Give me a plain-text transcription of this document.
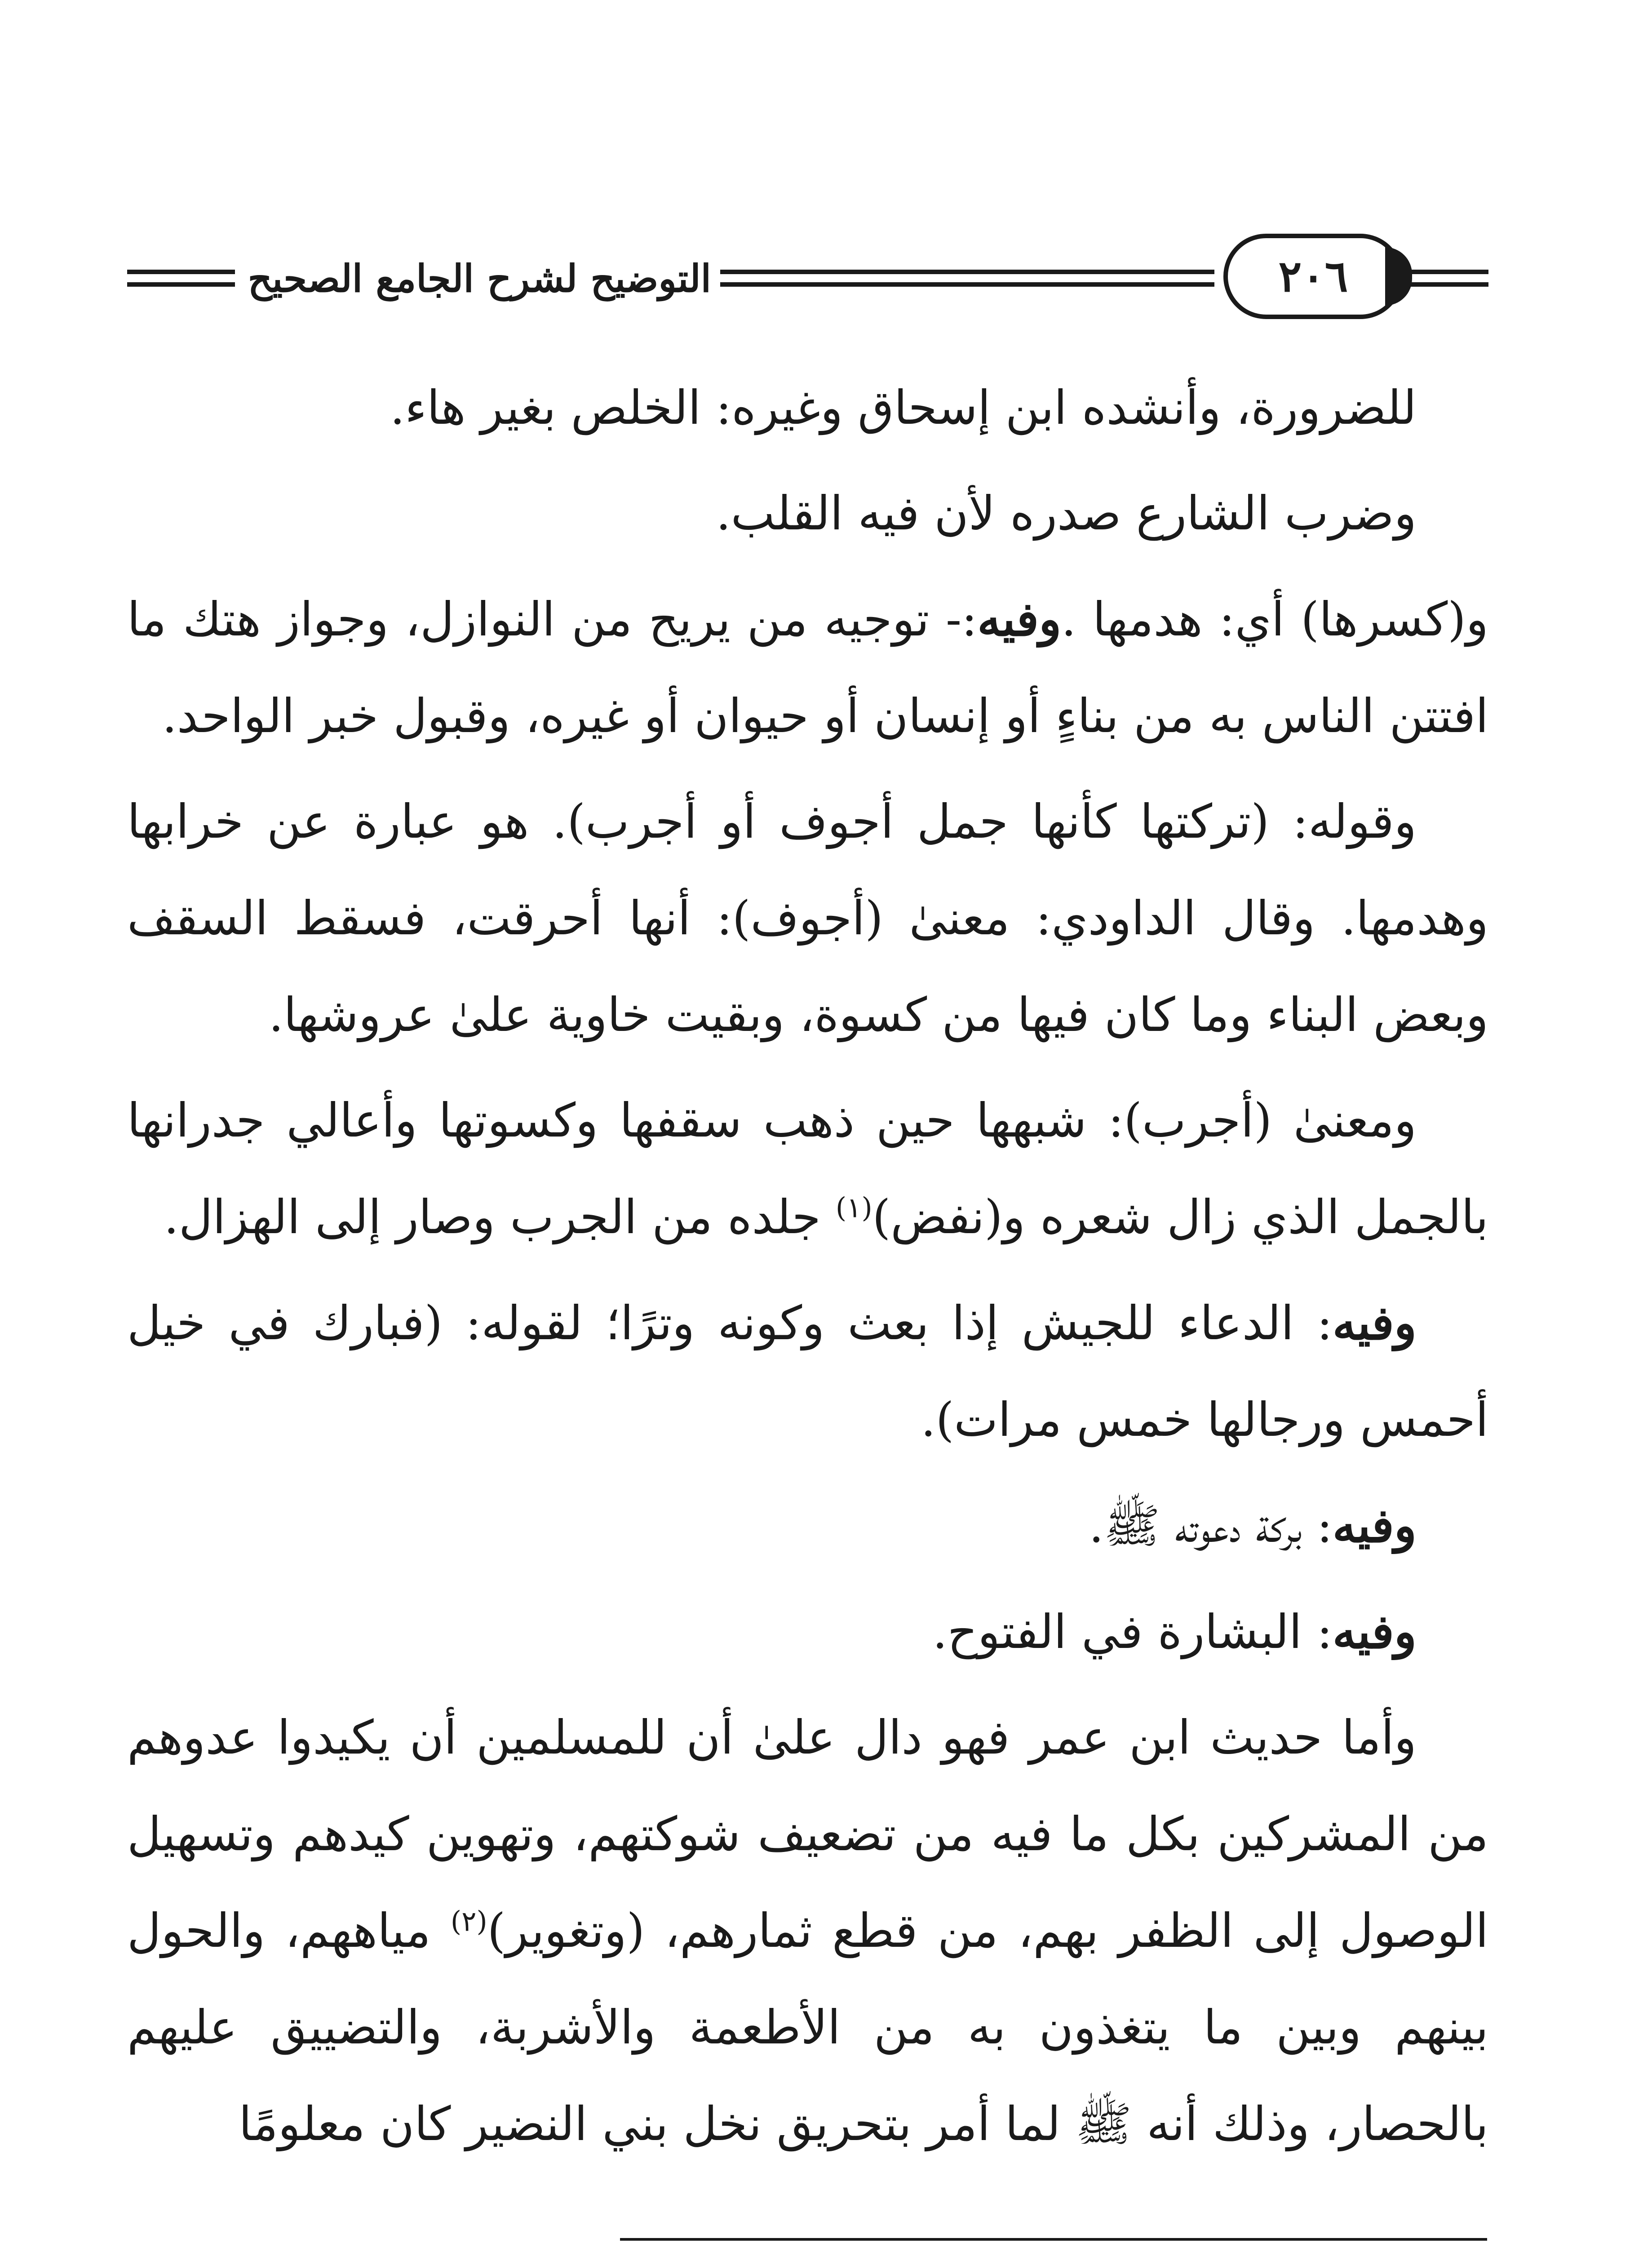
التوضيح لشرح الجامع الصحيح	٢٠٦

للضرورة، وأنشده ابن إسحاق وغيره: الخلص بغير هاء.

وضرب الشارع صدره لأن فيه القلب.

و(كسرها) أي: هدمها .وفيه:- توجيه من يريح من النوازل، وجواز هتك ما افتتن الناس به من بناءٍ أو إنسان أو حيوان أو غيره، وقبول خبر الواحد.

وقوله: (تركتها كأنها جمل أجوف أو أجرب). هو عبارة عن خرابها وهدمها. وقال الداودي: معنىٰ (أجوف): أنها أحرقت، فسقط السقف وبعض البناء وما كان فيها من كسوة، وبقيت خاوية علىٰ عروشها.

ومعنىٰ (أجرب): شبهها حين ذهب سقفها وكسوتها وأعالي جدرانها بالجمل الذي زال شعره و(نفض)$^{(١)}$ جلده من الجرب وصار إلى الهزال.

وفيه: الدعاء للجيش إذا بعث وكونه وترًا؛ لقوله: (فبارك في خيل أحمس ورجالها خمس مرات).

وفيه: بركة دعوته ﷺ.

وفيه: البشارة في الفتوح.

وأما حديث ابن عمر فهو دال علىٰ أن للمسلمين أن يكيدوا عدوهم من المشركين بكل ما فيه من تضعيف شوكتهم، وتهوين كيدهم وتسهيل الوصول إلى الظفر بهم، من قطع ثمارهم، (وتغوير)$^{(٢)}$ مياههم، والحول بينهم وبين ما يتغذون به من الأطعمة والأشربة، والتضييق عليهم بالحصار، وذلك أنه ﷺ لما أمر بتحريق نخل بني النضير كان معلومًا
